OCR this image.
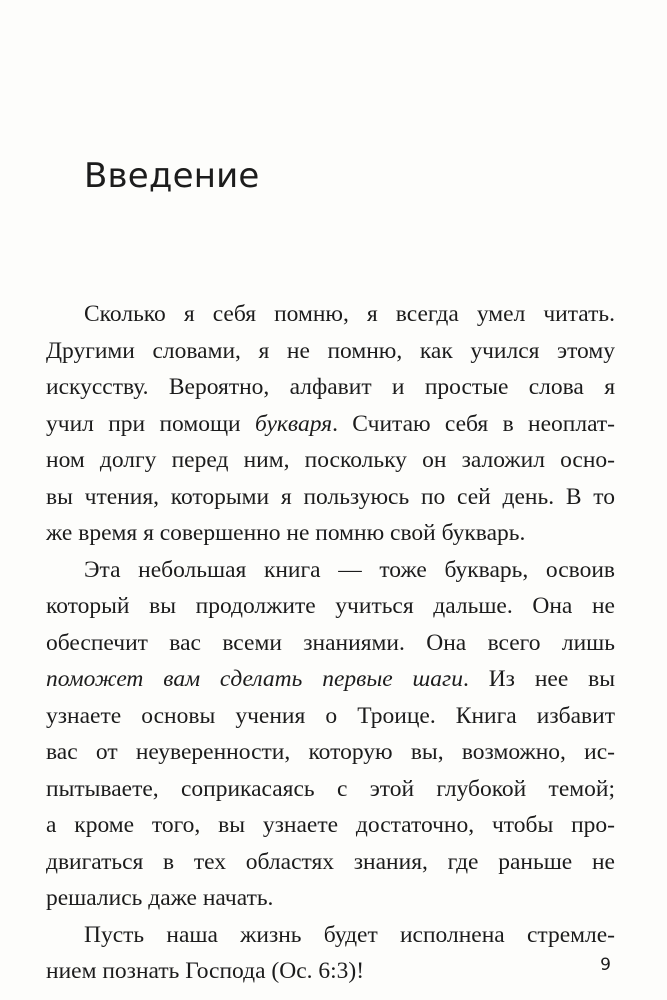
Введение
Сколько я себя помню, я всегда умел читать.
Другими словами, я не помню, как учился этому
искусству. Вероятно, алфавит и простые слова я
учил при помощи букваря. Считаю себя в неоплат-
ном долгу перед ним, поскольку он заложил осно-
вы чтения, которыми я пользуюсь по сей день. В то
же время я совершенно не помню свой букварь.
Эта небольшая книга — тоже букварь, освоив
который вы продолжите учиться дальше. Она не
обеспечит вас всеми знаниями. Она всего лишь
поможет вам сделать первые шаги. Из нее вы
узнаете основы учения о Троице. Книга избавит
вас от неуверенности, которую вы, возможно, ис-
пытываете, соприкасаясь с этой глубокой темой;
а кроме того, вы узнаете достаточно, чтобы про-
двигаться в тех областях знания, где раньше не
решались даже начать.
Пусть наша жизнь будет исполнена стремле-
нием познать Господа (Ос. 6:3)!	9
